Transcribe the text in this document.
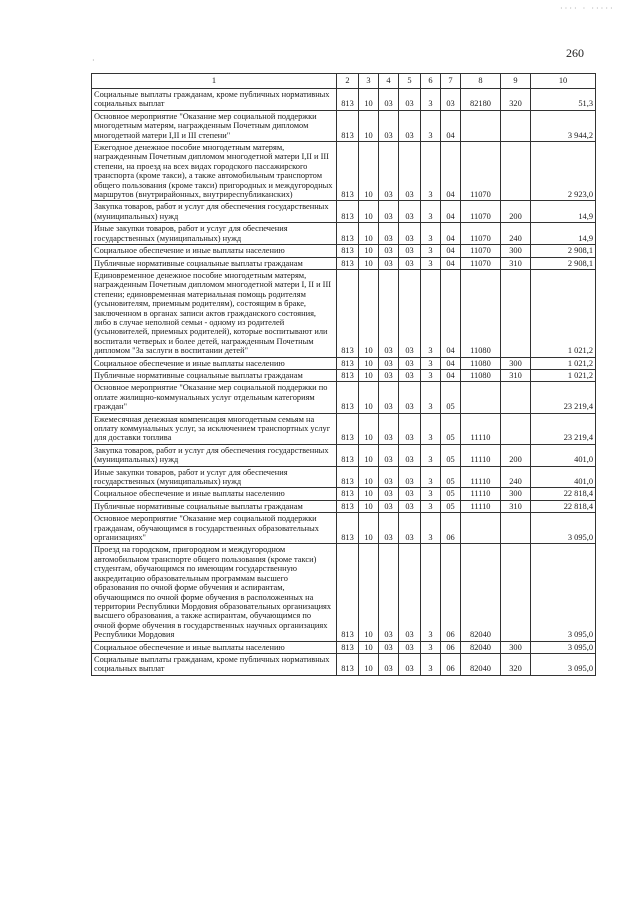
···· · ·····
·
260
1	2	3	4	5	6	7	8	9	10
Социальные выплаты гражданам, кроме публичных нормативных социальных выплат	813	10	03	03	3	03	82180	320	51,3
Основное мероприятие "Оказание мер социальной поддержки многодетным матерям, награжденным Почетным дипломом многодетной матери I,II и III степени"	813	10	03	03	3	04			3 944,2
Ежегодное денежное пособие многодетным матерям, награжденным Почетным дипломом многодетной матери I,II и III степени, на проезд на всех видах городского пассажирского транспорта (кроме такси), а также автомобильным транспортом общего пользования (кроме такси) пригородных и междугородных маршрутов (внутрирайонных, внутриреспубликанских)	813	10	03	03	3	04	11070		2 923,0
Закупка товаров, работ и услуг для обеспечения государственных (муниципальных) нужд	813	10	03	03	3	04	11070	200	14,9
Иные закупки товаров, работ и услуг для обеспечения государственных (муниципальных) нужд	813	10	03	03	3	04	11070	240	14,9
Социальное обеспечение и иные выплаты населению	813	10	03	03	3	04	11070	300	2 908,1
Публичные нормативные социальные выплаты гражданам	813	10	03	03	3	04	11070	310	2 908,1
Единовременное денежное пособие многодетным матерям, награжденным Почетным дипломом многодетной матери I, II и III степени; единовременная материальная помощь родителям (усыновителям, приемным родителям), состоящим в браке, заключенном в органах записи актов гражданского состояния, либо в случае неполной семьи - одному из родителей (усыновителей, приемных родителей), которые воспитывают или воспитали четверых и более детей, награжденным Почетным дипломом "За заслуги в воспитании детей"	813	10	03	03	3	04	11080		1 021,2
Социальное обеспечение и иные выплаты населению	813	10	03	03	3	04	11080	300	1 021,2
Публичные нормативные социальные выплаты гражданам	813	10	03	03	3	04	11080	310	1 021,2
Основное мероприятие "Оказание мер социальной поддержки по оплате жилищно-коммунальных услуг отдельным категориям граждан"	813	10	03	03	3	05			23 219,4
Ежемесячная денежная компенсация многодетным семьям на оплату коммунальных услуг, за исключением транспортных услуг для доставки топлива	813	10	03	03	3	05	11110		23 219,4
Закупка товаров, работ и услуг для обеспечения государственных (муниципальных) нужд	813	10	03	03	3	05	11110	200	401,0
Иные закупки товаров, работ и услуг для обеспечения государственных (муниципальных) нужд	813	10	03	03	3	05	11110	240	401,0
Социальное обеспечение и иные выплаты населению	813	10	03	03	3	05	11110	300	22 818,4
Публичные нормативные социальные выплаты гражданам	813	10	03	03	3	05	11110	310	22 818,4
Основное мероприятие "Оказание мер социальной поддержки гражданам, обучающимся в государственных образовательных организациях"	813	10	03	03	3	06			3 095,0
Проезд на городском, пригородном и междугородном автомобильном транспорте общего пользования (кроме такси) студентам, обучающимся по имеющим государственную аккредитацию образовательным программам высшего образования по очной форме обучения и аспирантам, обучающимся по очной форме обучения в расположенных на территории Республики Мордовия образовательных организациях высшего образования, а также аспирантам, обучающимся по очной форме обучения в государственных научных организациях Республики Мордовия	813	10	03	03	3	06	82040		3 095,0
Социальное обеспечение и иные выплаты населению	813	10	03	03	3	06	82040	300	3 095,0
Социальные выплаты гражданам, кроме публичных нормативных социальных выплат	813	10	03	03	3	06	82040	320	3 095,0
